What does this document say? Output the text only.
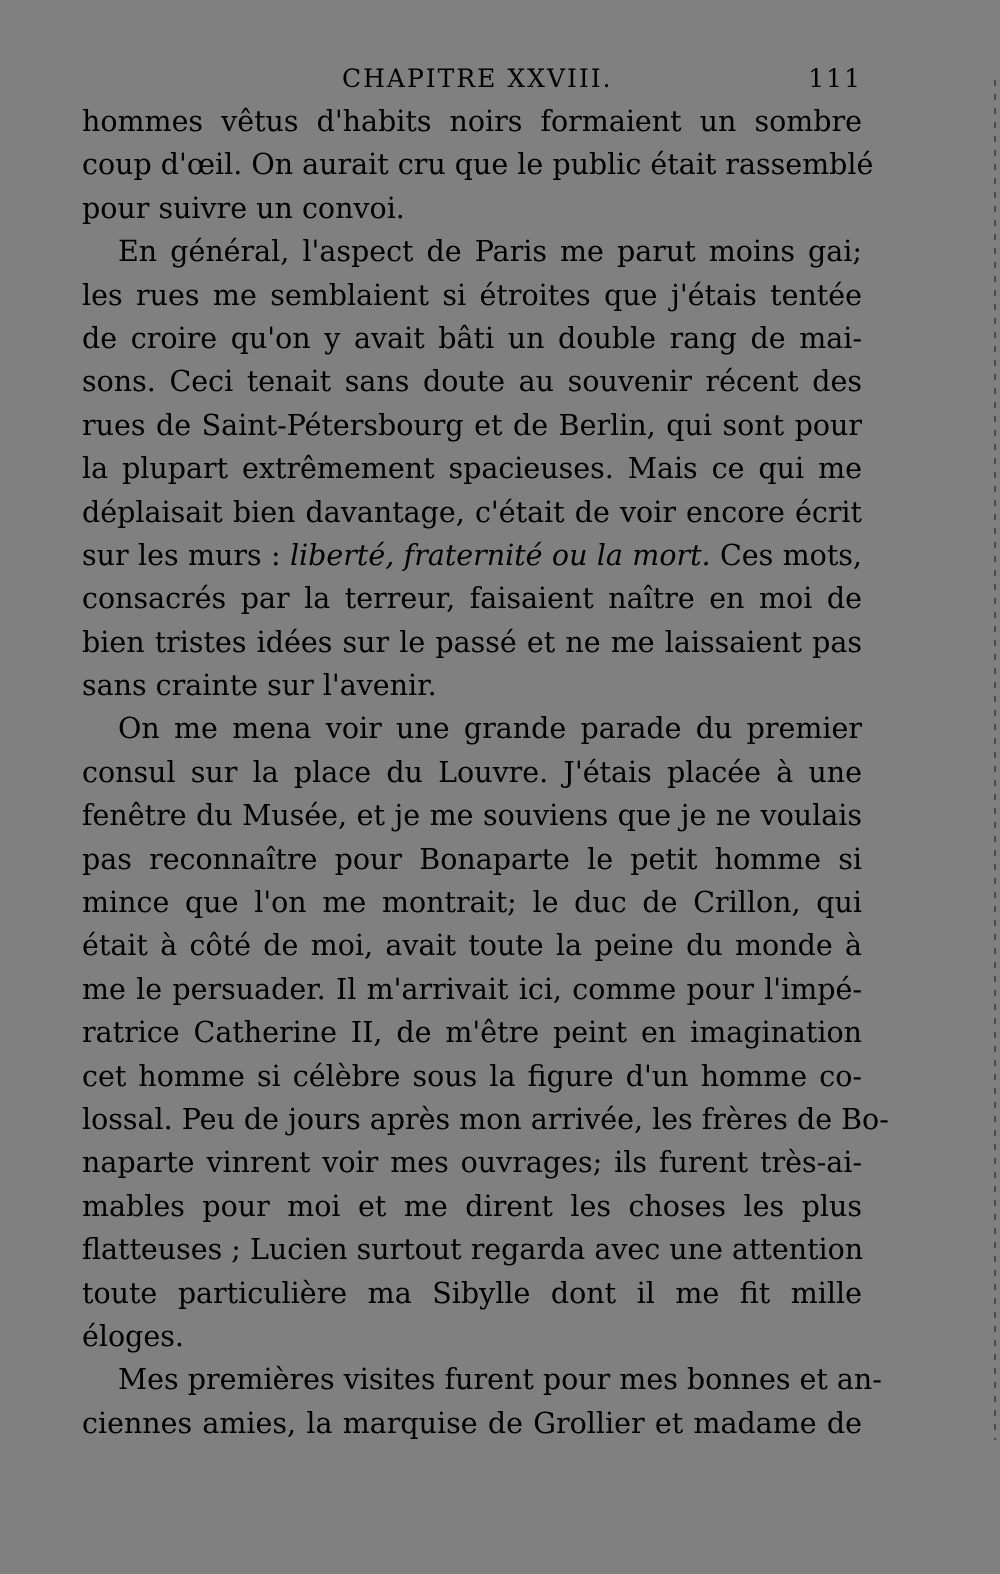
CHAPITRE XXVIII.	111
hommes vêtus d'habits noirs formaient un sombre
coup d'œil. On aurait cru que le public était rassemblé
pour suivre un convoi.
En général, l'aspect de Paris me parut moins gai;
les rues me semblaient si étroites que j'étais tentée
de croire qu'on y avait bâti un double rang de mai-
sons. Ceci tenait sans doute au souvenir récent des
rues de Saint-Pétersbourg et de Berlin, qui sont pour
la plupart extrêmement spacieuses. Mais ce qui me
déplaisait bien davantage, c'était de voir encore écrit
sur les murs : liberté, fraternité ou la mort. Ces mots,
consacrés par la terreur, faisaient naître en moi de
bien tristes idées sur le passé et ne me laissaient pas
sans crainte sur l'avenir.
On me mena voir une grande parade du premier
consul sur la place du Louvre. J'étais placée à une
fenêtre du Musée, et je me souviens que je ne voulais
pas reconnaître pour Bonaparte le petit homme si
mince que l'on me montrait; le duc de Crillon, qui
était à côté de moi, avait toute la peine du monde à
me le persuader. Il m'arrivait ici, comme pour l'impé-
ratrice Catherine II, de m'être peint en imagination
cet homme si célèbre sous la figure d'un homme co-
lossal. Peu de jours après mon arrivée, les frères de Bo-
naparte vinrent voir mes ouvrages; ils furent très-ai-
mables pour moi et me dirent les choses les plus
flatteuses ; Lucien surtout regarda avec une attention
toute particulière ma Sibylle dont il me fit mille
éloges.
Mes premières visites furent pour mes bonnes et an-
ciennes amies, la marquise de Grollier et madame de
